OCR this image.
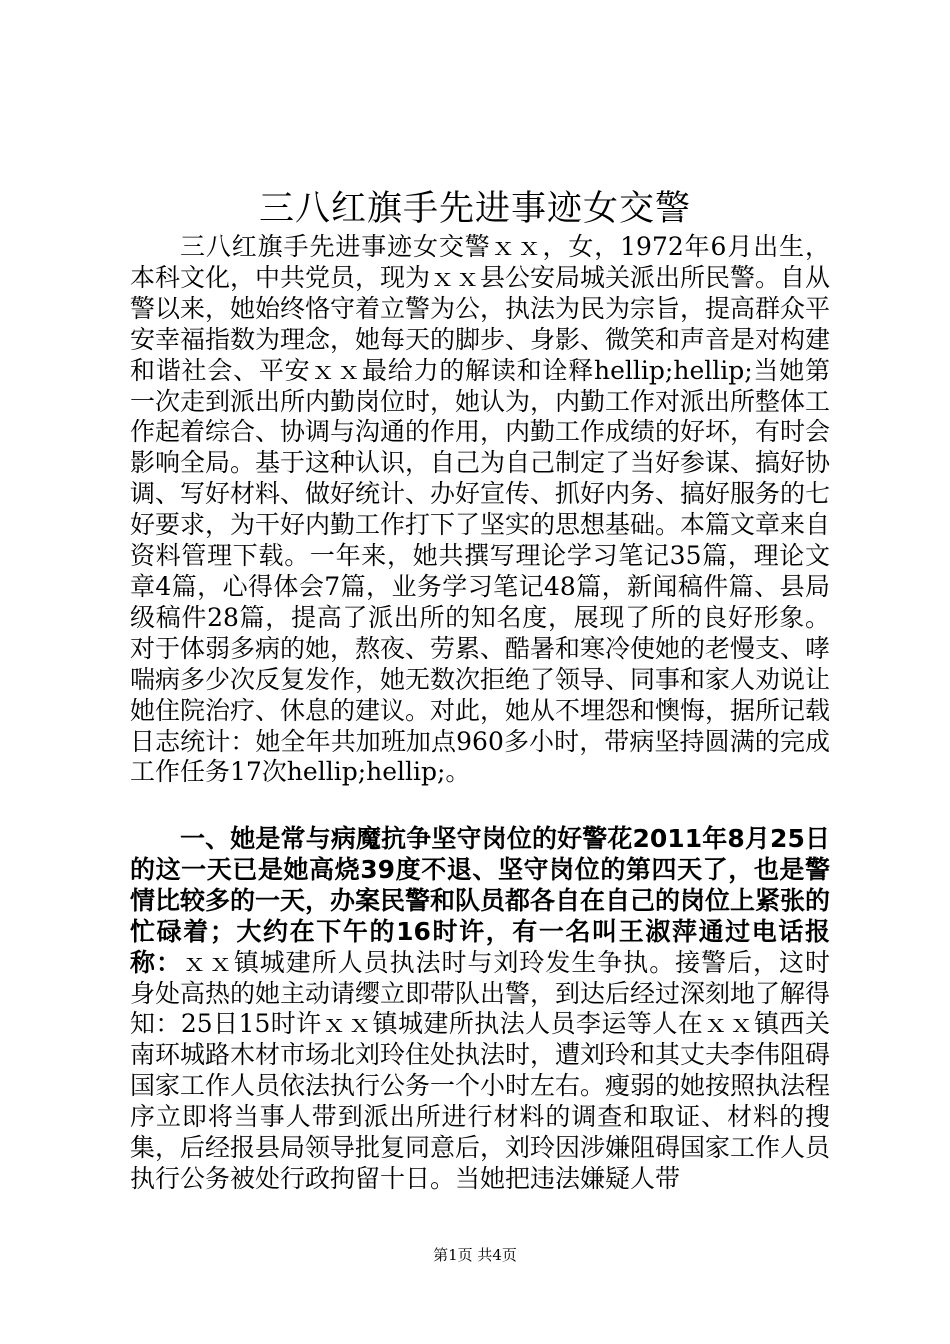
三八红旗手先进事迹女交警

三八红旗手先进事迹女交警ｘｘ，女，1972年6月出生，本科文化，中共党员，现为ｘｘ县公安局城关派出所民警。自从警以来，她始终恪守着立警为公，执法为民为宗旨，提高群众平安幸福指数为理念，她每天的脚步、身影、微笑和声音是对构建和谐社会、平安ｘｘ最给力的解读和诠释hellip;hellip;当她第一次走到派出所内勤岗位时，她认为，内勤工作对派出所整体工作起着综合、协调与沟通的作用，内勤工作成绩的好坏，有时会影响全局。基于这种认识，自己为自己制定了当好参谋、搞好协调、写好材料、做好统计、办好宣传、抓好内务、搞好服务的七好要求，为干好内勤工作打下了坚实的思想基础。本篇文章来自资料管理下载。一年来，她共撰写理论学习笔记35篇，理论文章4篇，心得体会7篇，业务学习笔记48篇，新闻稿件篇、县局级稿件28篇，提高了派出所的知名度，展现了所的良好形象。对于体弱多病的她，熬夜、劳累、酷暑和寒冷使她的老慢支、哮喘病多少次反复发作，她无数次拒绝了领导、同事和家人劝说让她住院治疗、休息的建议。对此，她从不埋怨和懊悔，据所记载日志统计：她全年共加班加点960多小时，带病坚持圆满的完成工作任务17次hellip;hellip;。

一、她是常与病魔抗争坚守岗位的好警花2011年8月25日的这一天已是她高烧39度不退、坚守岗位的第四天了，也是警情比较多的一天，办案民警和队员都各自在自己的岗位上紧张的忙碌着；大约在下午的16时许，有一名叫王淑萍通过电话报称：ｘｘ镇城建所人员执法时与刘玲发生争执。接警后，这时身处高热的她主动请缨立即带队出警，到达后经过深刻地了解得知：25日15时许ｘｘ镇城建所执法人员李运等人在ｘｘ镇西关南环城路木材市场北刘玲住处执法时，遭刘玲和其丈夫李伟阻碍国家工作人员依法执行公务一个小时左右。瘦弱的她按照执法程序立即将当事人带到派出所进行材料的调查和取证、材料的搜集，后经报县局领导批复同意后，刘玲因涉嫌阻碍国家工作人员执行公务被处行政拘留十日。当她把违法嫌疑人带

第1页 共4页
